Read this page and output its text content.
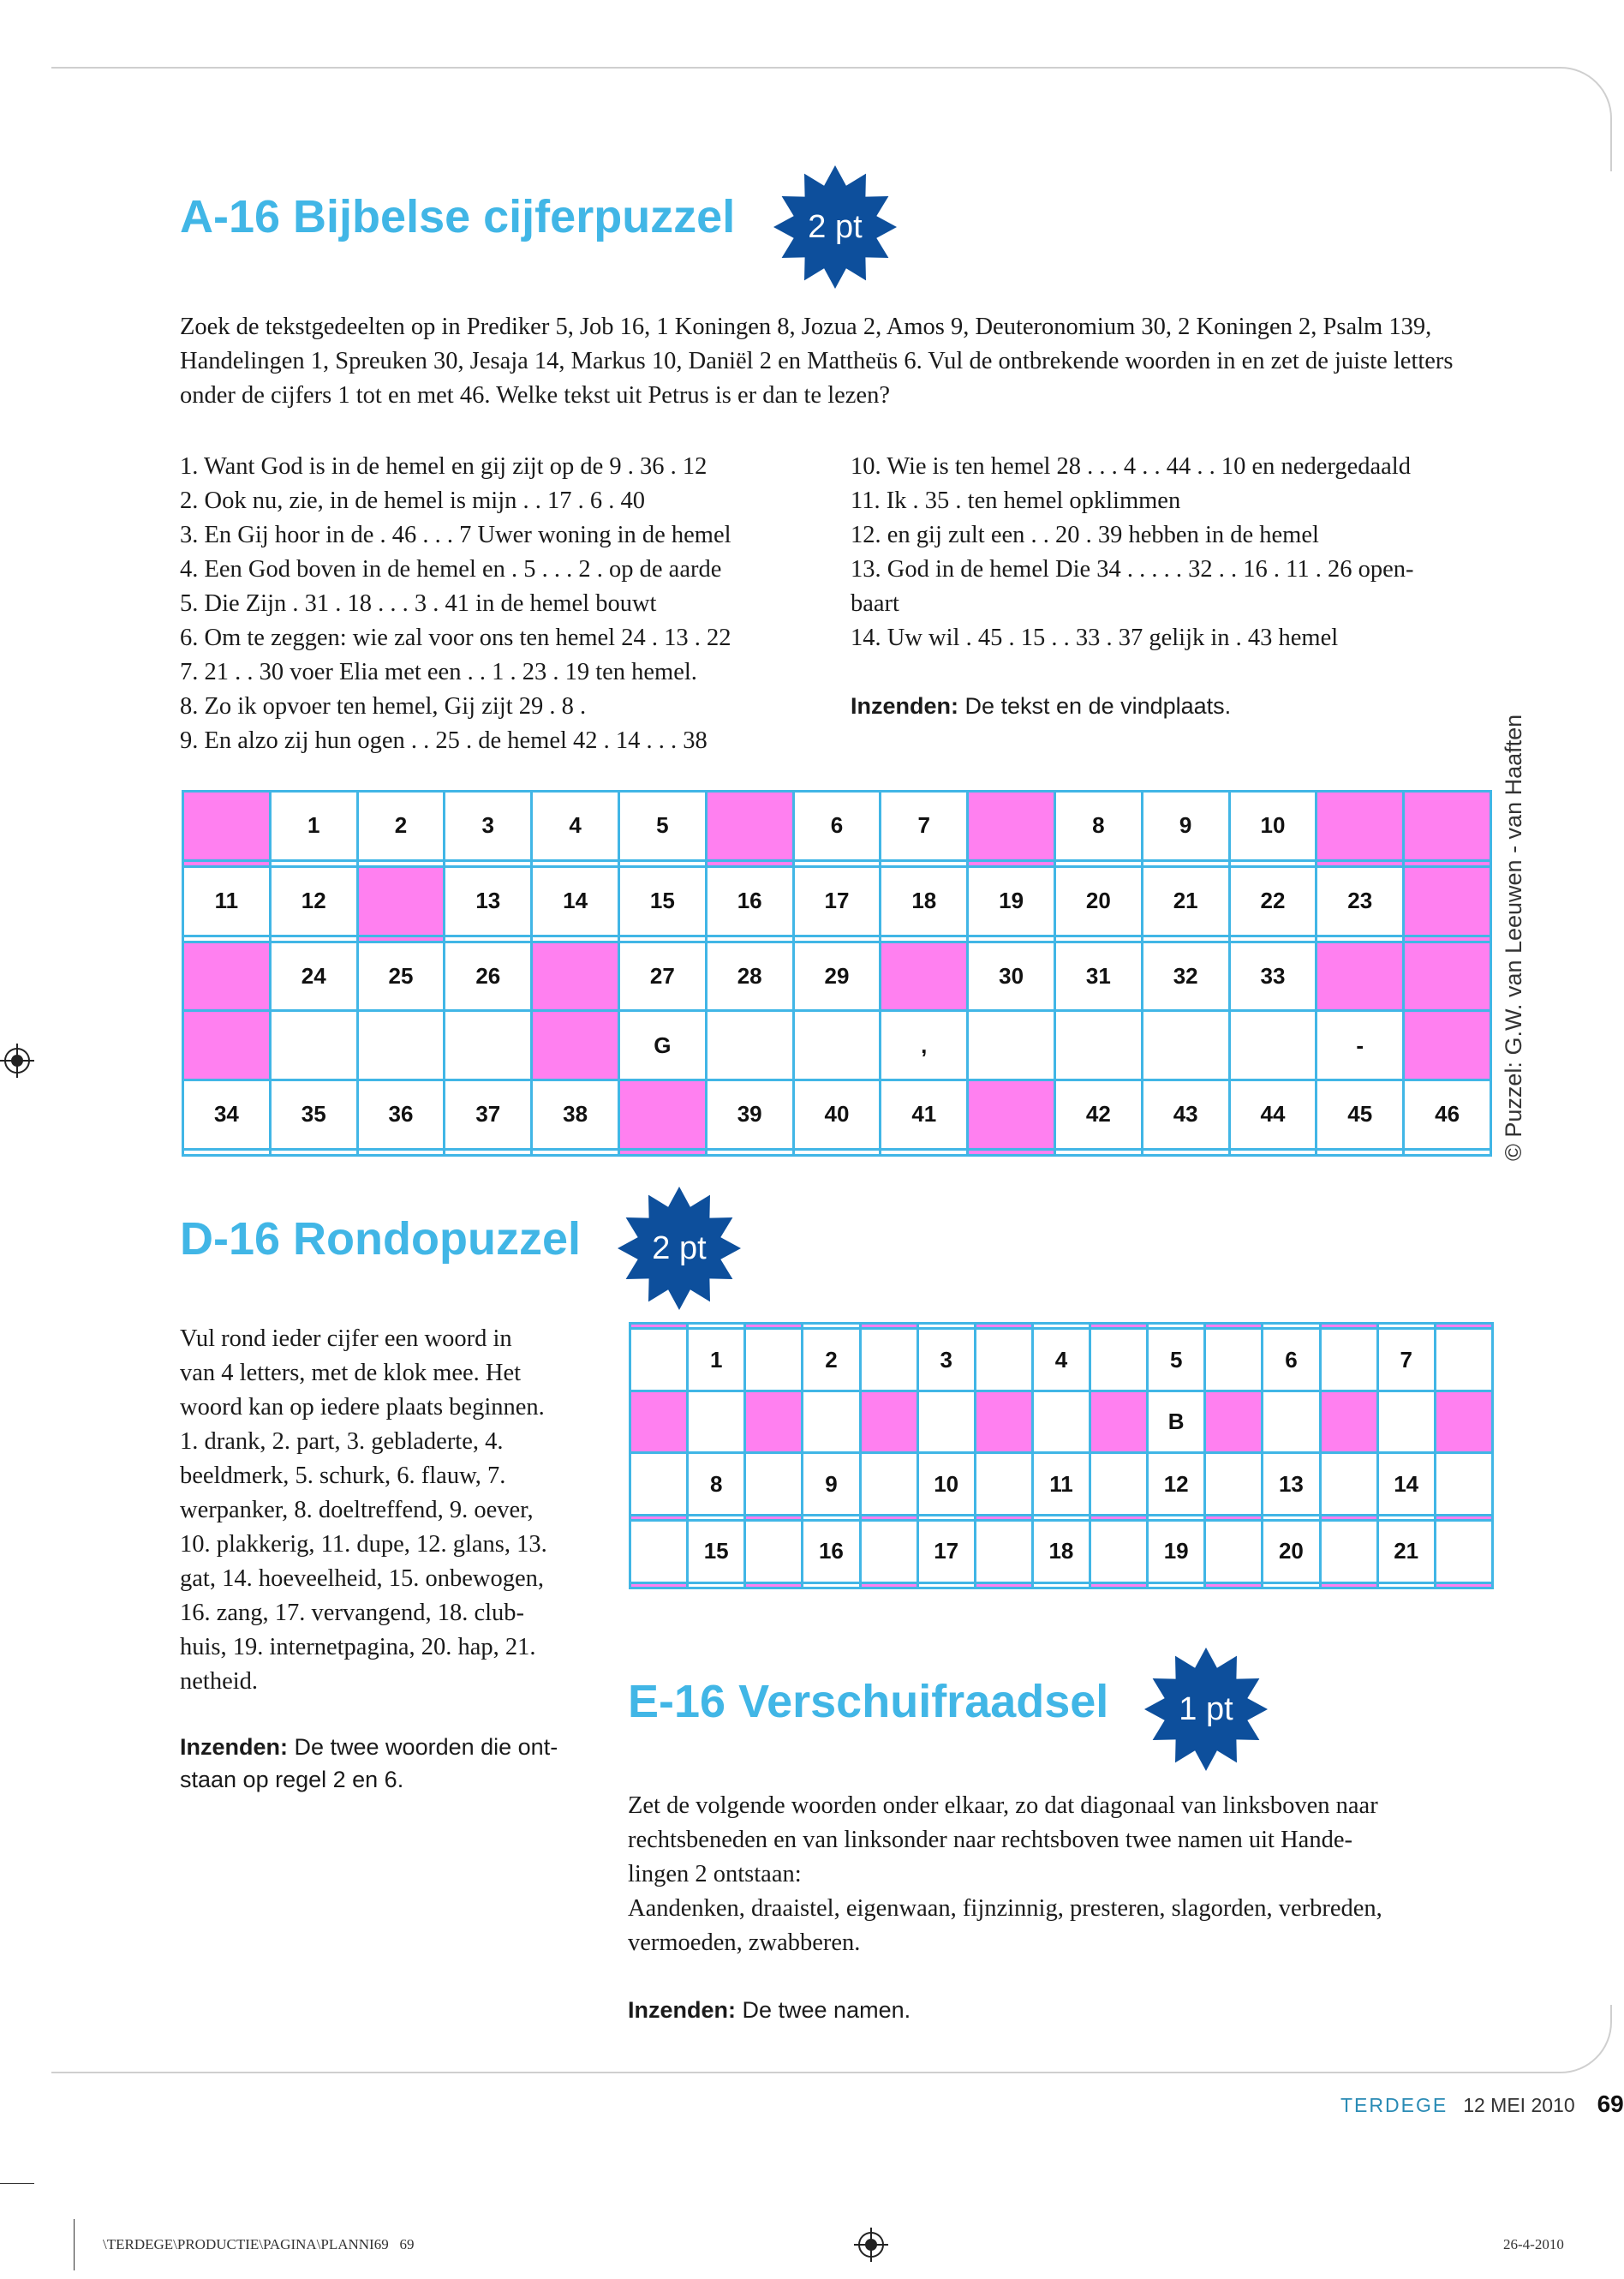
A-16 Bijbelse cijferpuzzel	2 pt
Zoek de tekstgedeelten op in Prediker 5, Job 16, 1 Koningen 8, Jozua 2, Amos 9, Deuteronomium 30, 2 Koningen 2, Psalm 139, Handelingen 1, Spreuken 30, Jesaja 14, Markus 10, Daniël 2 en Mattheüs 6. Vul de ontbrekende woorden in en zet de juiste letters onder de cijfers 1 tot en met 46. Welke tekst uit Petrus is er dan te lezen?
1. Want God is in de hemel en gij zijt op de 9 . 36 . 12
2. Ook nu, zie, in de hemel is mijn . . 17 . 6 . 40
3. En Gij hoor in de . 46 . . . 7 Uwer woning in de hemel
4. Een God boven in de hemel en . 5 . . . 2 . op de aarde
5. Die Zijn . 31 . 18 . . . 3 . 41 in de hemel bouwt
6. Om te zeggen: wie zal voor ons ten hemel 24 . 13 . 22
7. 21 . . 30 voer Elia met een . . 1 . 23 . 19 ten hemel.
8. Zo ik opvoer ten hemel, Gij zijt 29 . 8 .
9. En alzo zij hun ogen . . 25 . de hemel 42 . 14 . . . 38
10. Wie is ten hemel 28 . . . 4 . . 44 . . 10 en nedergedaald
11. Ik . 35 . ten hemel opklimmen
12. en gij zult een . . 20 . 39 hebben in de hemel
13. God in de hemel Die 34 . . . . . 32 . . 16 . 11 . 26 open-
baart
14. Uw wil . 45 . 15 . . 33 . 37 gelijk in . 43 hemel
Inzenden: De tekst en de vindplaats.
	1	2	3	4	5		6	7		8	9	10		

11	12		13	14	15	16	17	18	19	20	21	22	23	

	24	25	26		27	28	29		30	31	32	33		
					G			,					-	
34	35	36	37	38		39	40	41		42	43	44	45	46
														© Puzzel: G.W. van Leeuwen - van Haaften
D-16 Rondopuzzel	2 pt
Vul rond ieder cijfer een woord in
van 4 letters, met de klok mee. Het
woord kan op iedere plaats beginnen.
1. drank, 2. part, 3. gebladerte, 4.
beeldmerk, 5. schurk, 6. flauw, 7.
werpanker, 8. doeltreffend, 9. oever,
10. plakkerig, 11. dupe, 12. glans, 13.
gat, 14. hoeveelheid, 15. onbewogen,
16. zang, 17. vervangend, 18. club-
huis, 19. internetpagina, 20. hap, 21.
netheid.
Inzenden: De twee woorden die ont-
staan op regel 2 en 6.

	1		2		3		4		5		6		7	
									B					
	8		9		10		11		12		13		14	

	15		16		17		18		19		20		21	

E-16 Verschuifraadsel	1 pt
Zet de volgende woorden onder elkaar, zo dat diagonaal van linksboven naar
rechtsbeneden en van linksonder naar rechtsboven twee namen uit Hande-
lingen 2 ontstaan:
Aandenken, draaistel, eigenwaan, fijnzinnig, presteren, slagorden, verbreden,
vermoeden, zwabberen.
Inzenden: De twee namen.
TERDEGE 12 MEI 2010 69
\TERDEGE\PRODUCTIE\PAGINA\PLANNI69   69	26-4-2010
